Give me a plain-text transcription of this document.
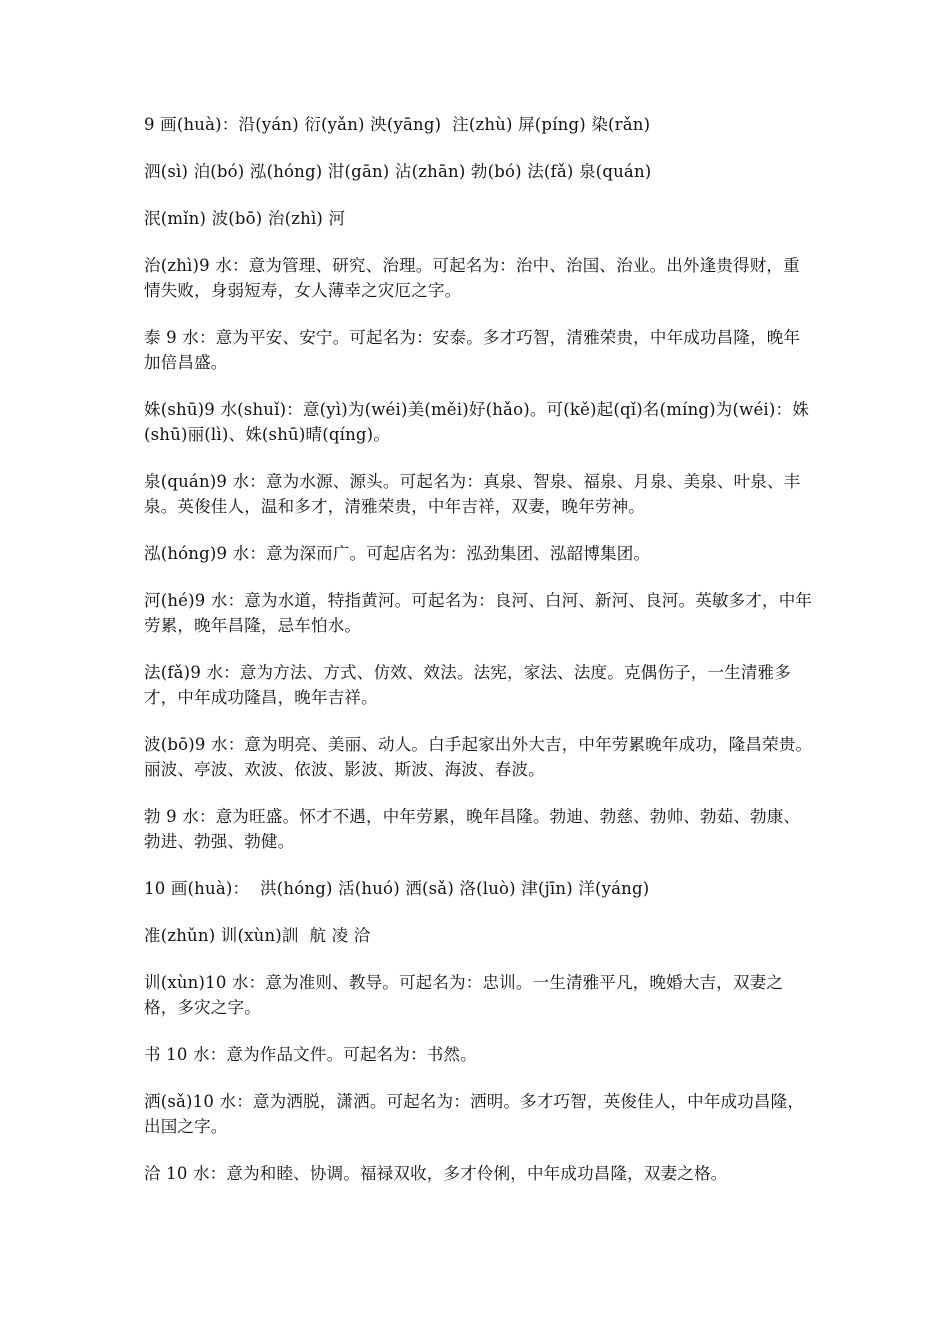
9 画(huà)：沿(yán) 衍(yǎn) 泱(yāng)  注(zhù) 屏(píng) 染(rǎn)

泗(sì) 泊(bó) 泓(hóng) 泔(gān) 沾(zhān) 勃(bó) 法(fǎ) 泉(quán)

泯(mǐn) 波(bō) 治(zhì) 河

治(zhì)9 水：意为管理、研究、治理。可起名为：治中、治国、治业。出外逢贵得财，重情失败，身弱短寿，女人薄幸之灾厄之字。

泰 9 水：意为平安、安宁。可起名为：安泰。多才巧智，清雅荣贵，中年成功昌隆，晚年加倍昌盛。

姝(shū)9 水(shuǐ)：意(yì)为(wéi)美(měi)好(hǎo)。可(kě)起(qǐ)名(míng)为(wéi)：姝(shū)丽(lì)、姝(shū)晴(qíng)。

泉(quán)9 水：意为水源、源头。可起名为：真泉、智泉、福泉、月泉、美泉、叶泉、丰泉。英俊佳人，温和多才，清雅荣贵，中年吉祥，双妻，晚年劳神。

泓(hóng)9 水：意为深而广。可起店名为：泓劲集团、泓韶博集团。

河(hé)9 水：意为水道，特指黄河。可起名为：良河、白河、新河、良河。英敏多才，中年劳累，晚年昌隆，忌车怕水。

法(fǎ)9 水：意为方法、方式、仿效、效法。法宪，家法、法度。克偶伤子，一生清雅多才，中年成功隆昌，晚年吉祥。

波(bō)9 水：意为明亮、美丽、动人。白手起家出外大吉，中年劳累晚年成功，隆昌荣贵。丽波、亭波、欢波、依波、影波、斯波、海波、春波。

勃 9 水：意为旺盛。怀才不遇，中年劳累，晚年昌隆。勃迪、勃慈、勃帅、勃茹、勃康、勃进、勃强、勃健。

10 画(huà)：  洪(hóng) 活(huó) 洒(sǎ) 洛(luò) 津(jīn) 洋(yáng)

准(zhǔn) 训(xùn)訓  航 凌 洽

训(xùn)10 水：意为准则、教导。可起名为：忠训。一生清雅平凡，晚婚大吉，双妻之格，多灾之字。

书 10 水：意为作品文件。可起名为：书然。

洒(sǎ)10 水：意为洒脱，潇洒。可起名为：洒明。多才巧智，英俊佳人，中年成功昌隆，出国之字。

洽 10 水：意为和睦、协调。福禄双收，多才伶俐，中年成功昌隆，双妻之格。
